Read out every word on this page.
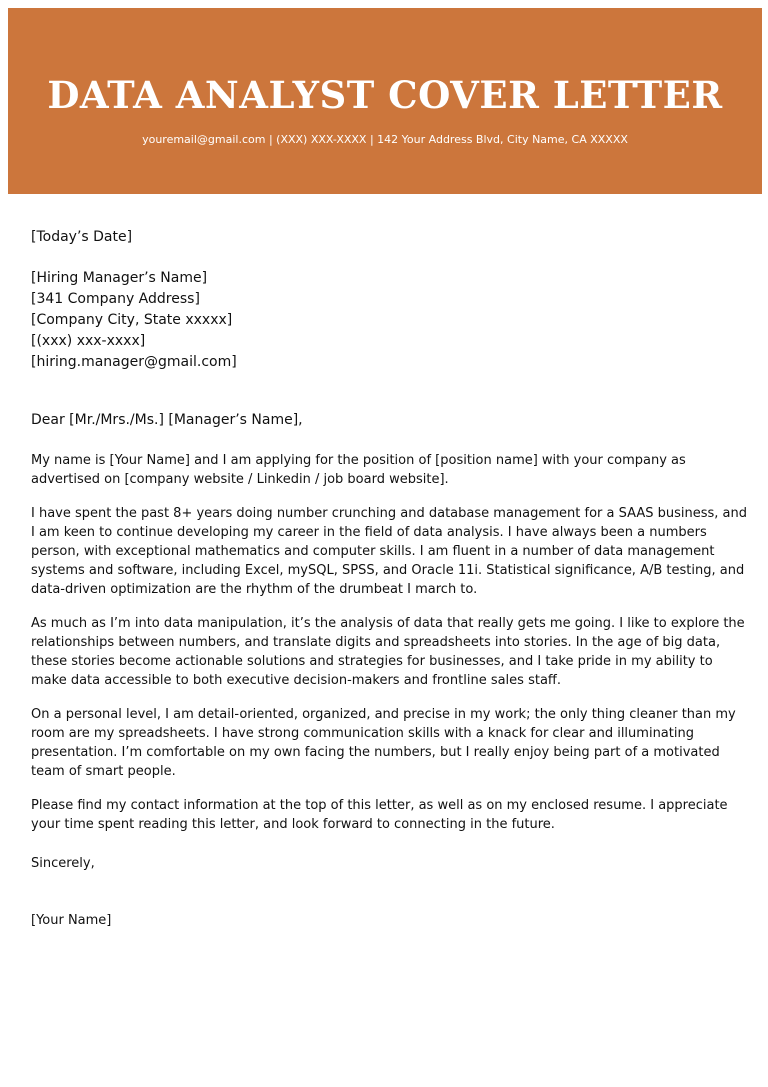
DATA ANALYST COVER LETTER
youremail@gmail.com | (XXX) XXX-XXXX | 142 Your Address Blvd, City Name, CA XXXXX

[Today’s Date]

[Hiring Manager’s Name]
[341 Company Address]
[Company City, State xxxxx]
[(xxx) xxx-xxxx]
[hiring.manager@gmail.com]
Dear [Mr./Mrs./Ms.] [Manager’s Name],

My name is [Your Name] and I am applying for the position of [position name] with your company as advertised on [company website / Linkedin / job board website].

I have spent the past 8+ years doing number crunching and database management for a SAAS business, and I am keen to continue developing my career in the field of data analysis. I have always been a numbers person, with exceptional mathematics and computer skills. I am fluent in a number of data management systems and software, including Excel, mySQL, SPSS, and Oracle 11i. Statistical significance, A/B testing, and data-driven optimization are the rhythm of the drumbeat I march to.

As much as I’m into data manipulation, it’s the analysis of data that really gets me going. I like to explore the relationships between numbers, and translate digits and spreadsheets into stories. In the age of big data, these stories become actionable solutions and strategies for businesses, and I take pride in my ability to make data accessible to both executive decision-makers and frontline sales staff.

On a personal level, I am detail-oriented, organized, and precise in my work; the only thing cleaner than my room are my spreadsheets. I have strong communication skills with a knack for clear and illuminating presentation. I’m comfortable on my own facing the numbers, but I really enjoy being part of a motivated team of smart people.

Please find my contact information at the top of this letter, as well as on my enclosed resume. I appreciate your time spent reading this letter, and look forward to connecting in the future.

Sincerely,
[Your Name]
